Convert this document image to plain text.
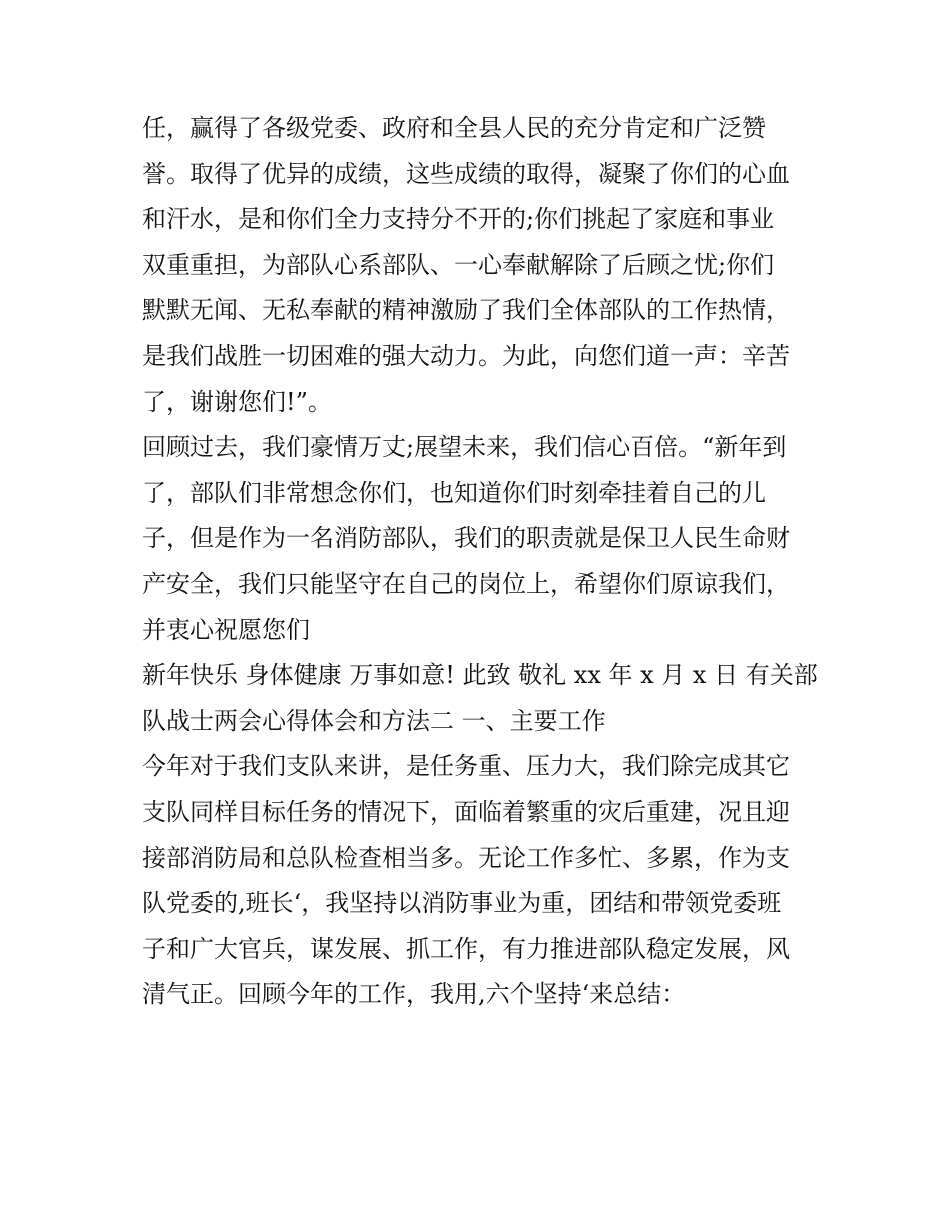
任，赢得了各级党委、政府和全县人民的充分肯定和广泛赞
誉。取得了优异的成绩，这些成绩的取得，凝聚了你们的心血
和汗水，是和你们全力支持分不开的;你们挑起了家庭和事业
双重重担，为部队心系部队、一心奉献解除了后顾之忧;你们
默默无闻、无私奉献的精神激励了我们全体部队的工作热情，
是我们战胜一切困难的强大动力。为此，向您们道一声：辛苦
了，谢谢您们!”。
回顾过去，我们豪情万丈;展望未来，我们信心百倍。“新年到
了，部队们非常想念你们，也知道你们时刻牵挂着自己的儿
子，但是作为一名消防部队，我们的职责就是保卫人民生命财
产安全，我们只能坚守在自己的岗位上，希望你们原谅我们，
并衷心祝愿您们
新年快乐 身体健康 万事如意! 此致 敬礼 xx 年 x 月 x 日 有关部
队战士两会心得体会和方法二 一、主要工作
今年对于我们支队来讲，是任务重、压力大，我们除完成其它
支队同样目标任务的情况下，面临着繁重的灾后重建，况且迎
接部消防局和总队检查相当多。无论工作多忙、多累，作为支
队党委的,班长‘，我坚持以消防事业为重，团结和带领党委班
子和广大官兵，谋发展、抓工作，有力推进部队稳定发展，风
清气正。回顾今年的工作，我用,六个坚持‘来总结：
